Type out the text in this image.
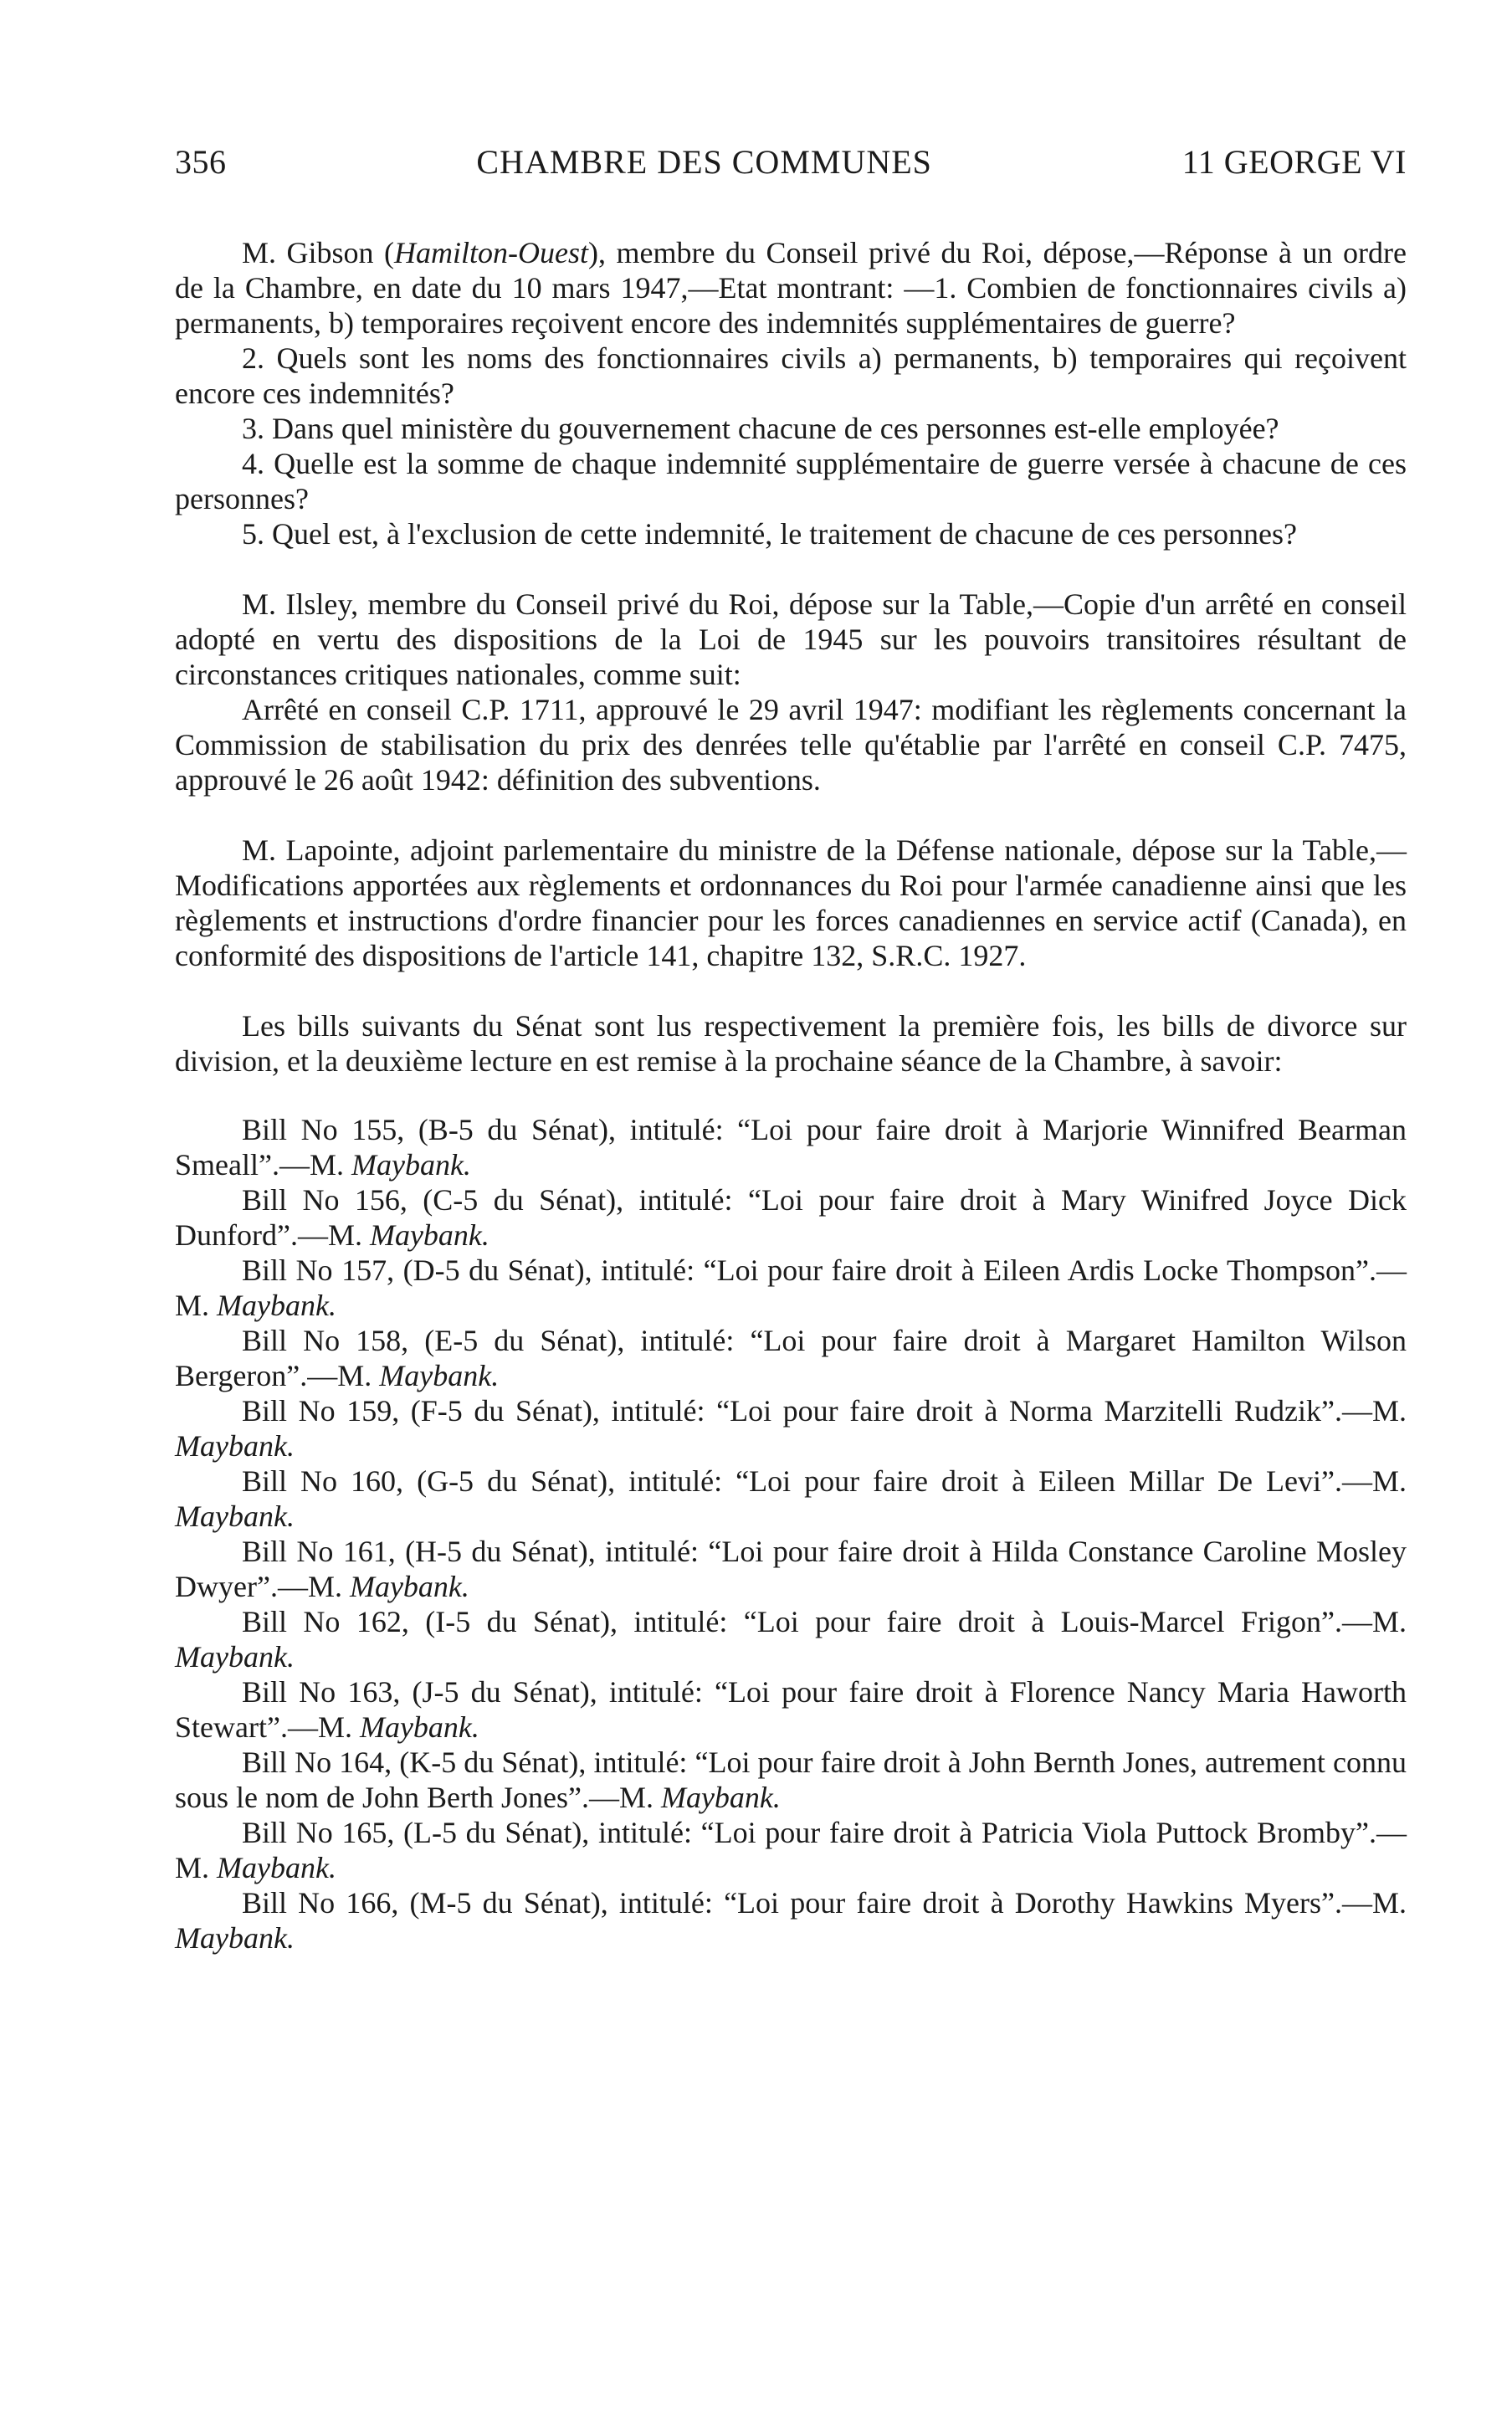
356	CHAMBRE DES COMMUNES	11 GEORGE VI

M. Gibson (Hamilton-Ouest), membre du Conseil privé du Roi, dépose,—Réponse à un ordre de la Chambre, en date du 10 mars 1947,—Etat montrant: —1. Combien de fonctionnaires civils a) permanents, b) temporaires reçoivent encore des indemnités supplémentaires de guerre?

2. Quels sont les noms des fonctionnaires civils a) permanents, b) temporaires qui reçoivent encore ces indemnités?

3. Dans quel ministère du gouvernement chacune de ces personnes est-elle employée?

4. Quelle est la somme de chaque indemnité supplémentaire de guerre versée à chacune de ces personnes?

5. Quel est, à l'exclusion de cette indemnité, le traitement de chacune de ces personnes?

M. Ilsley, membre du Conseil privé du Roi, dépose sur la Table,—Copie d'un arrêté en conseil adopté en vertu des dispositions de la Loi de 1945 sur les pouvoirs transitoires résultant de circonstances critiques nationales, comme suit:

Arrêté en conseil C.P. 1711, approuvé le 29 avril 1947: modifiant les règlements concernant la Commission de stabilisation du prix des denrées telle qu'établie par l'arrêté en conseil C.P. 7475, approuvé le 26 août 1942: définition des subventions.

M. Lapointe, adjoint parlementaire du ministre de la Défense nationale, dépose sur la Table,—Modifications apportées aux règlements et ordonnances du Roi pour l'armée canadienne ainsi que les règlements et instructions d'ordre financier pour les forces canadiennes en service actif (Canada), en conformité des dispositions de l'article 141, chapitre 132, S.R.C. 1927.

Les bills suivants du Sénat sont lus respectivement la première fois, les bills de divorce sur division, et la deuxième lecture en est remise à la prochaine séance de la Chambre, à savoir:

Bill No 155, (B-5 du Sénat), intitulé: “Loi pour faire droit à Marjorie Winnifred Bearman Smeall”.—M. Maybank.

Bill No 156, (C-5 du Sénat), intitulé: “Loi pour faire droit à Mary Winifred Joyce Dick Dunford”.—M. Maybank.

Bill No 157, (D-5 du Sénat), intitulé: “Loi pour faire droit à Eileen Ardis Locke Thompson”.—M. Maybank.

Bill No 158, (E-5 du Sénat), intitulé: “Loi pour faire droit à Margaret Hamilton Wilson Bergeron”.—M. Maybank.

Bill No 159, (F-5 du Sénat), intitulé: “Loi pour faire droit à Norma Marzitelli Rudzik”.—M. Maybank.

Bill No 160, (G-5 du Sénat), intitulé: “Loi pour faire droit à Eileen Millar De Levi”.—M. Maybank.

Bill No 161, (H-5 du Sénat), intitulé: “Loi pour faire droit à Hilda Constance Caroline Mosley Dwyer”.—M. Maybank.

Bill No 162, (I-5 du Sénat), intitulé: “Loi pour faire droit à Louis-Marcel Frigon”.—M. Maybank.

Bill No 163, (J-5 du Sénat), intitulé: “Loi pour faire droit à Florence Nancy Maria Haworth Stewart”.—M. Maybank.

Bill No 164, (K-5 du Sénat), intitulé: “Loi pour faire droit à John Bernth Jones, autrement connu sous le nom de John Berth Jones”.—M. Maybank.

Bill No 165, (L-5 du Sénat), intitulé: “Loi pour faire droit à Patricia Viola Puttock Bromby”.—M. Maybank.

Bill No 166, (M-5 du Sénat), intitulé: “Loi pour faire droit à Dorothy Hawkins Myers”.—M. Maybank.
